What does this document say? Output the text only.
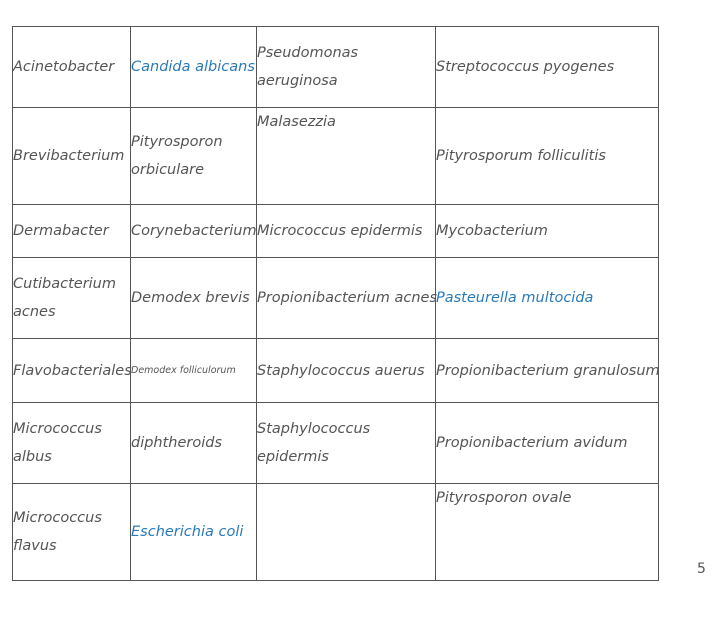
Acinetobacter	Candida albicans	Pseudomonas aeruginosa	Streptococcus pyogenes
Brevibacterium	Pityrosporon orbiculare	Malasezzia	Pityrosporum folliculitis
Dermabacter	Corynebacterium	Micrococcus epidermis	Mycobacterium
Cutibacterium acnes	Demodex brevis	Propionibacterium acnes	Pasteurella multocida
Flavobacteriales	Demodex folliculorum	Staphylococcus auerus	Propionibacterium granulosum
Micrococcus albus	diphtheroids	Staphylococcus epidermis	Propionibacterium avidum
Micrococcus flavus	Escherichia coli		Pityrosporon ovale
5
